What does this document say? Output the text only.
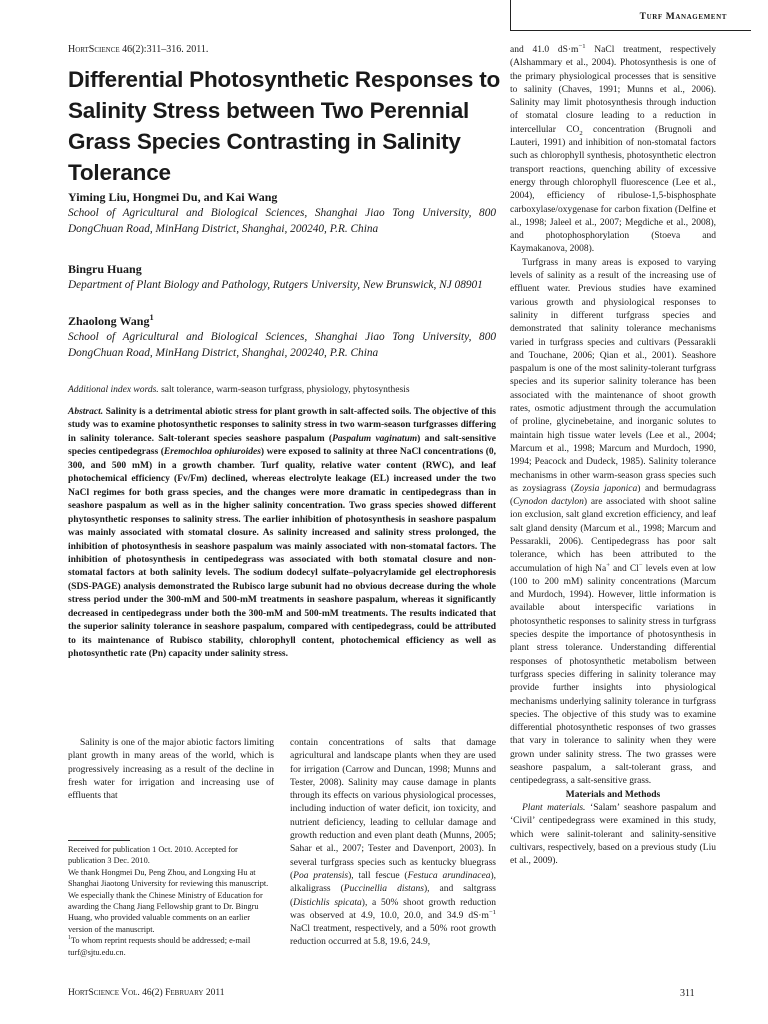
Turf Management
HortScience 46(2):311–316. 2011.
Differential Photosynthetic Responses to Salinity Stress between Two Perennial Grass Species Contrasting in Salinity Tolerance
Yiming Liu, Hongmei Du, and Kai Wang
School of Agricultural and Biological Sciences, Shanghai Jiao Tong University, 800 DongChuan Road, MinHang District, Shanghai, 200240, P.R. China
Bingru Huang
Department of Plant Biology and Pathology, Rutgers University, New Brunswick, NJ 08901
Zhaolong Wang$^1$
School of Agricultural and Biological Sciences, Shanghai Jiao Tong University, 800 DongChuan Road, MinHang District, Shanghai, 200240, P.R. China
Additional index words. salt tolerance, warm-season turfgrass, physiology, phytosynthesis
Abstract. Salinity is a detrimental abiotic stress for plant growth in salt-affected soils. The objective of this study was to examine photosynthetic responses to salinity stress in two warm-season turfgrasses differing in salinity tolerance. Salt-tolerant species seashore paspalum (Paspalum vaginatum) and salt-sensitive species centipedegrass (Eremochloa ophiuroides) were exposed to salinity at three NaCl concentrations (0, 300, and 500 mM) in a growth chamber. Turf quality, relative water content (RWC), and leaf photochemical efficiency (Fv/Fm) declined, whereas electrolyte leakage (EL) increased under the two NaCl regimes for both grass species, and the changes were more dramatic in centipedegrass than in seashore paspalum as well as in the higher salinity concentration. Two grass species showed different phytosynthetic responses to salinity stress. The earlier inhibition of photosynthesis in seashore paspalum was mainly associated with stomatal closure. As salinity increased and salinity stress prolonged, the inhibition of photosynthesis in seashore paspalum was mainly associated with non-stomatal factors. The inhibition of photosynthesis in centipedegrass was associated with both stomatal closure and non-stomatal factors at both salinity levels. The sodium dodecyl sulfate–polyacrylamide gel electrophoresis (SDS-PAGE) analysis demonstrated the Rubisco large subunit had no obvious decrease during the whole stress period under the 300-mM and 500-mM treatments in seashore paspalum, whereas it significantly decreased in centipedegrass under both the 300-mM and 500-mM treatments. The results indicated that the superior salinity tolerance in seashore paspalum, compared with centipedegrass, could be attributed to its maintenance of Rubisco stability, chlorophyll content, photochemical efficiency as well as photosynthetic rate (Pn) capacity under salinity stress.

Salinity is one of the major abiotic factors limiting plant growth in many areas of the world, which is progressively increasing as a result of the decline in fresh water for irrigation and increasing use of effluents that

Received for publication 1 Oct. 2010. Accepted for publication 3 Dec. 2010.

We thank Hongmei Du, Peng Zhou, and Longxing Hu at Shanghai Jiaotong University for reviewing this manuscript. We especially thank the Chinese Ministry of Education for awarding the Chang Jiang Fellowship grant to Dr. Bingru Huang, who provided valuable comments on an earlier version of the manuscript.

$^1$To whom reprint requests should be addressed; e-mail turf@sjtu.edu.cn.

contain concentrations of salts that damage agricultural and landscape plants when they are used for irrigation (Carrow and Duncan, 1998; Munns and Tester, 2008). Salinity may cause damage in plants through its effects on various physiological processes, including induction of water deficit, ion toxicity, and nutrient deficiency, leading to cellular damage and growth reduction and even plant death (Munns, 2005; Sahar et al., 2007; Tester and Davenport, 2003). In several turfgrass species such as kentucky bluegrass (Poa pratensis), tall fescue (Festuca arundinacea), alkaligrass (Puccinellia distans), and saltgrass (Distichlis spicata), a 50% shoot growth reduction was observed at 4.9, 10.0, 20.0, and 34.9 $dS\cdot m^{-1}$ NaCl treatment, respectively, and a 50% root growth reduction occurred at 5.8, 19.6, 24.9,

and 41.0 $dS\cdot m^{-1}$ NaCl treatment, respectively (Alshammary et al., 2004). Photosynthesis is one of the primary physiological processes that is sensitive to salinity (Chaves, 1991; Munns et al., 2006). Salinity may limit photosynthesis through induction of stomatal closure leading to a reduction in intercellular $CO_2$ concentration (Brugnoli and Lauteri, 1991) and inhibition of non-stomatal factors such as chlorophyll synthesis, photosynthetic electron transport reactions, quenching ability of excessive energy through chlorophyll fluorescence (Lee et al., 2004), efficiency of ribulose-1,5-bisphosphate carboxylase/oxygenase for carbon fixation (Delfine et al., 1998; Jaleel et al., 2007; Megdiche et al., 2008), and photophosphorylation (Stoeva and Kaymakanova, 2008).

Turfgrass in many areas is exposed to varying levels of salinity as a result of the increasing use of effluent water. Previous studies have examined various growth and physiological responses to salinity in different turfgrass species and demonstrated that salinity tolerance mechanisms varied in turfgrass species and cultivars (Pessarakli and Touchane, 2006; Qian et al., 2001). Seashore paspalum is one of the most salinity-tolerant turfgrass species and its superior salinity tolerance has been associated with the maintenance of shoot growth rates, osmotic adjustment through the accumulation of proline, glycinebetaine, and inorganic solutes to maintain high tissue water levels (Lee et al., 2004; Marcum et al., 1998; Marcum and Murdoch, 1990, 1994; Peacock and Dudeck, 1985). Salinity tolerance mechanisms in other warm-season grass species such as zoysiagrass (Zoysia japonica) and bermudagrass (Cynodon dactylon) are associated with shoot saline ion exclusion, salt gland excretion efficiency, and leaf salt gland density (Marcum et al., 1998; Marcum and Pessarakli, 2006). Centipedegrass has poor salt tolerance, which has been attributed to the accumulation of high Na+ and Cl− levels even at low (100 to 200 mM) salinity concentrations (Marcum and Murdoch, 1994). However, little information is available about interspecific variations in photosynthetic responses to salinity stress in turfgrass species despite the importance of photosynthesis in plant stress tolerance. Understanding differential responses of photosynthetic metabolism between turfgrass species differing in salinity tolerance may provide further insights into physiological mechanisms underlying salinity tolerance in turfgrass species. The objective of this study was to examine differential photosynthetic responses of two grasses that vary in tolerance to salinity when they were grown under salinity stress. The two grasses were seashore paspalum, a salt-tolerant grass, and centipedegrass, a salt-sensitive grass.

Materials and Methods

Plant materials. ‘Salam’ seashore paspalum and ‘Civil’ centipedegrass were examined in this study, which were salinit-tolerant and salinity-sensitive cultivars, respectively, based on a previous study (Liu et al., 2009).

HortScience Vol. 46(2) February 2011	311
